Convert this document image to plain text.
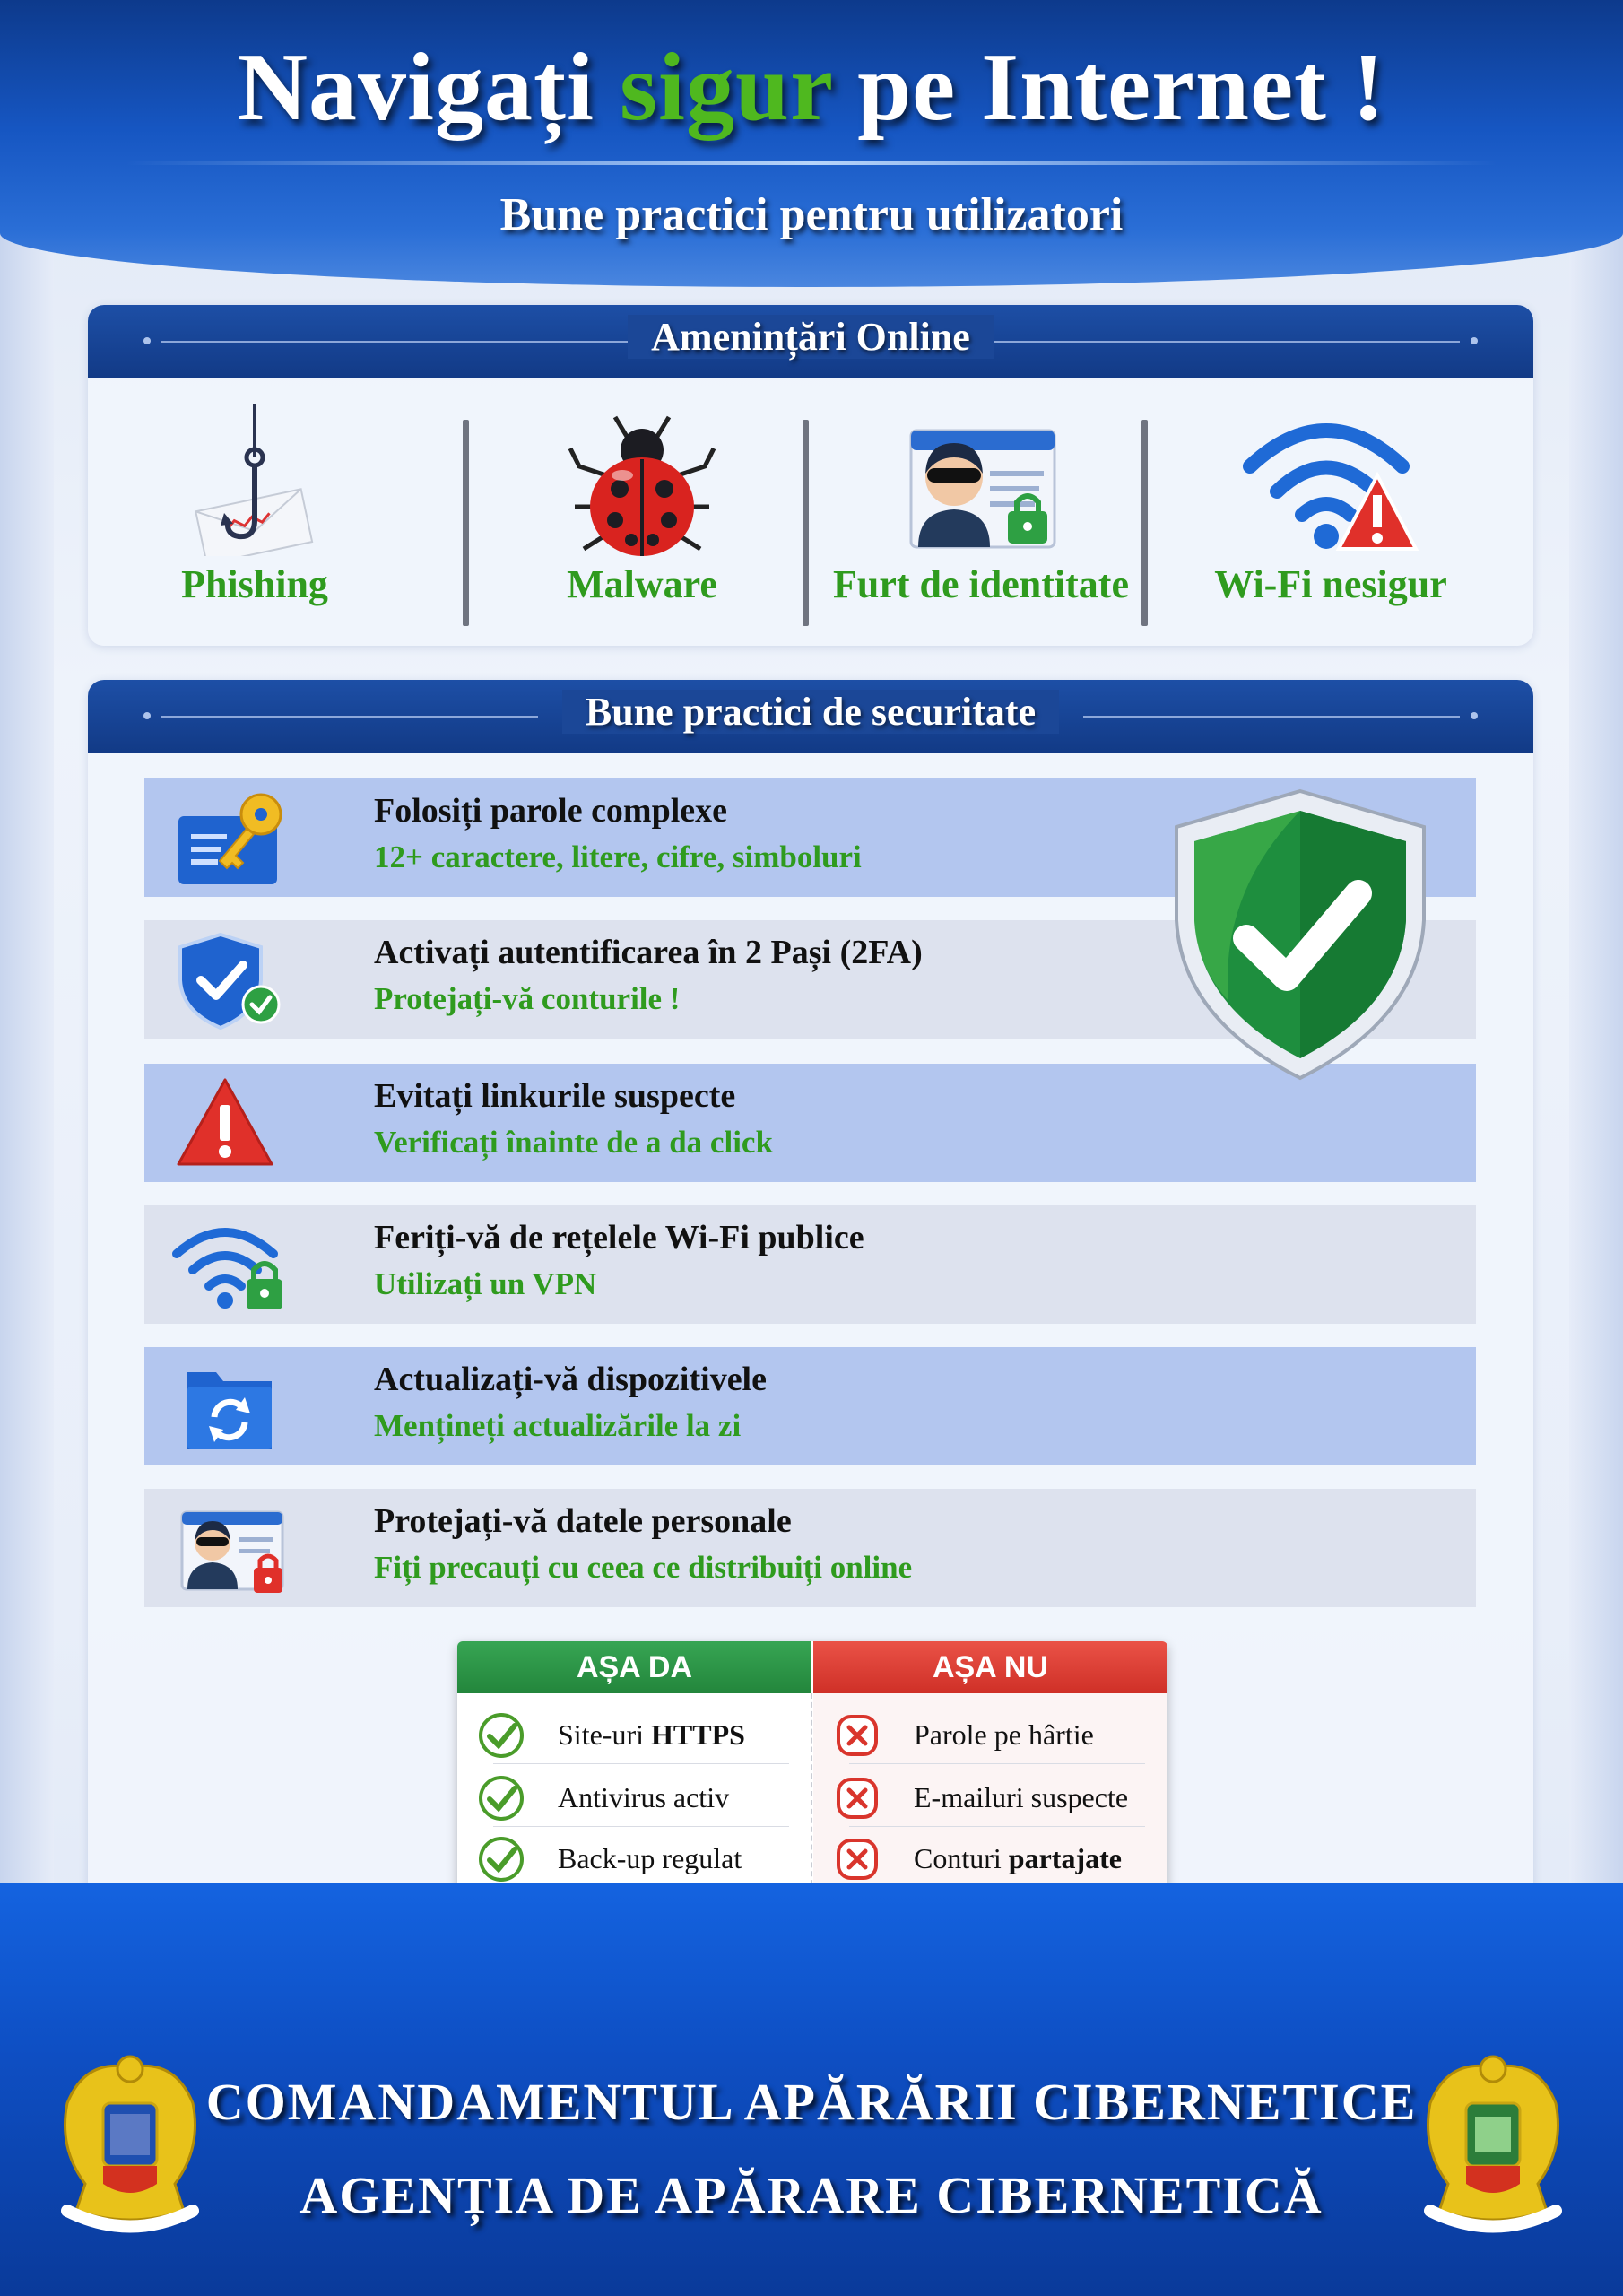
Navigați sigur pe Internet !
Bune practici pentru utilizatori
Amenințări Online
Phishing	Malware	Furt de identitate	Wi-Fi nesigur
Bune practici de securitate
Folosiți parole complexe
12+ caractere, litere, cifre, simboluri
Activați autentificarea în 2 Pași (2FA)
Protejați-vă conturile !
Evitați linkurile suspecte
Verificați înainte de a da click
Feriți-vă de rețelele Wi-Fi publice
Utilizați un VPN
Actualizați-vă dispozitivele
Mențineți actualizările la zi
Protejați-vă datele personale
Fiți precauți cu ceea ce distribuiți online
AȘA DA
Site-uri HTTPS
Antivirus activ
Back-up regulat
AȘA NU
Parole pe hârtie
E-mailuri suspecte
Conturi partajate
COMANDAMENTUL APĂRĂRII CIBERNETICE
AGENȚIA DE APĂRARE CIBERNETICĂ
